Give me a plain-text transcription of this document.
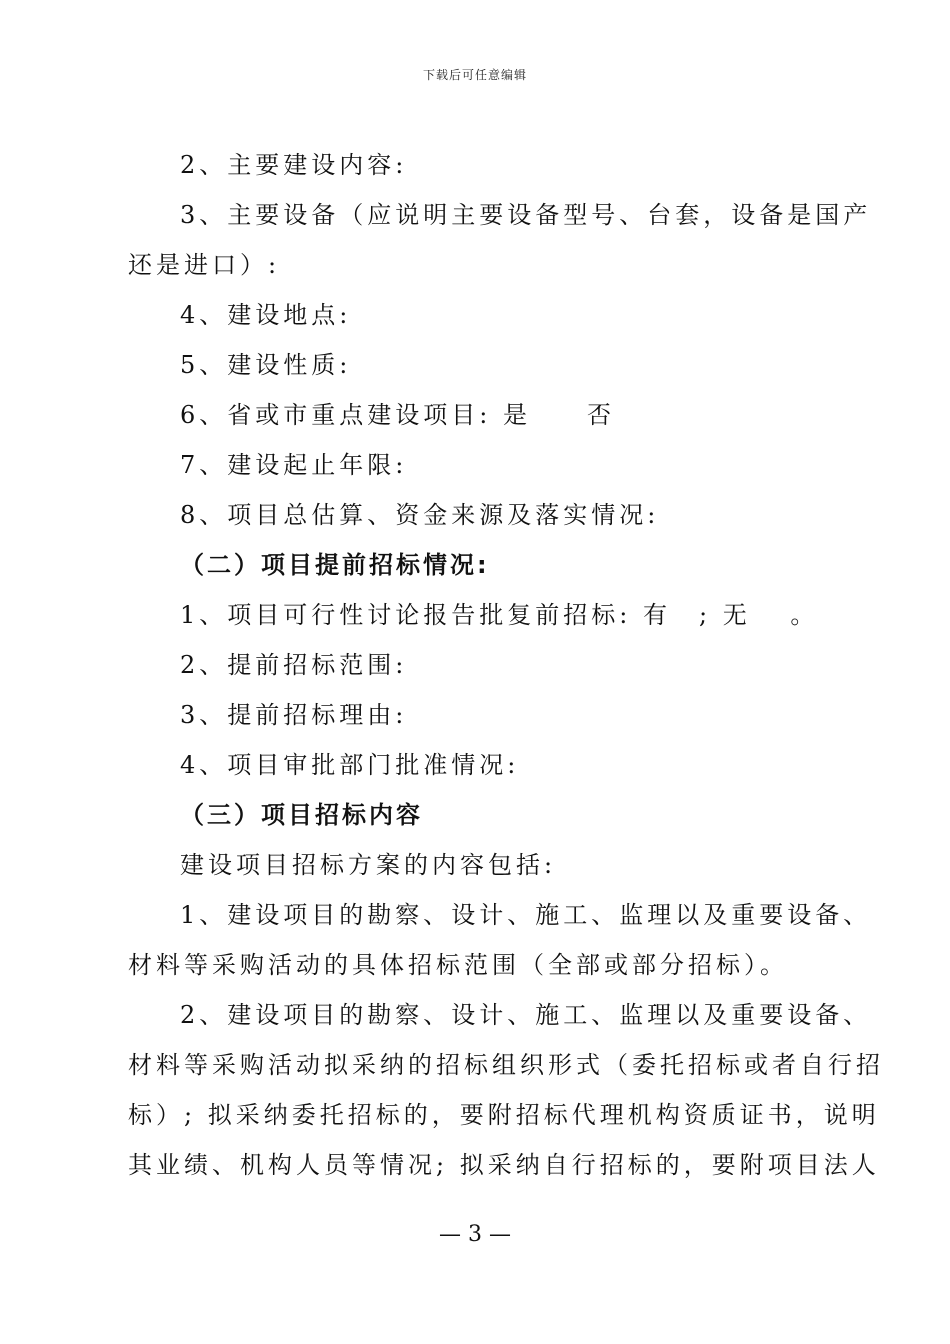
下载后可任意编辑

2、主要建设内容:

3、主要设备（应说明主要设备型号、台套，设备是国产

还是进口）:

4、建设地点:

5、建设性质:

6、省或市重点建设项目: 是　　否

7、建设起止年限:

8、项目总估算、资金来源及落实情况:

（二）项目提前招标情况:

1、项目可行性讨论报告批复前招标: 有　; 无　 。

2、提前招标范围:

3、提前招标理由:

4、项目审批部门批准情况:

（三）项目招标内容

建设项目招标方案的内容包括:

1、建设项目的勘察、设计、施工、监理以及重要设备、

材料等采购活动的具体招标范围（全部或部分招标）。

2、建设项目的勘察、设计、施工、监理以及重要设备、

材料等采购活动拟采纳的招标组织形式（委托招标或者自行招

标）; 拟采纳委托招标的，要附招标代理机构资质证书，说明

其业绩、机构人员等情况; 拟采纳自行招标的，要附项目法人

— 3 —
